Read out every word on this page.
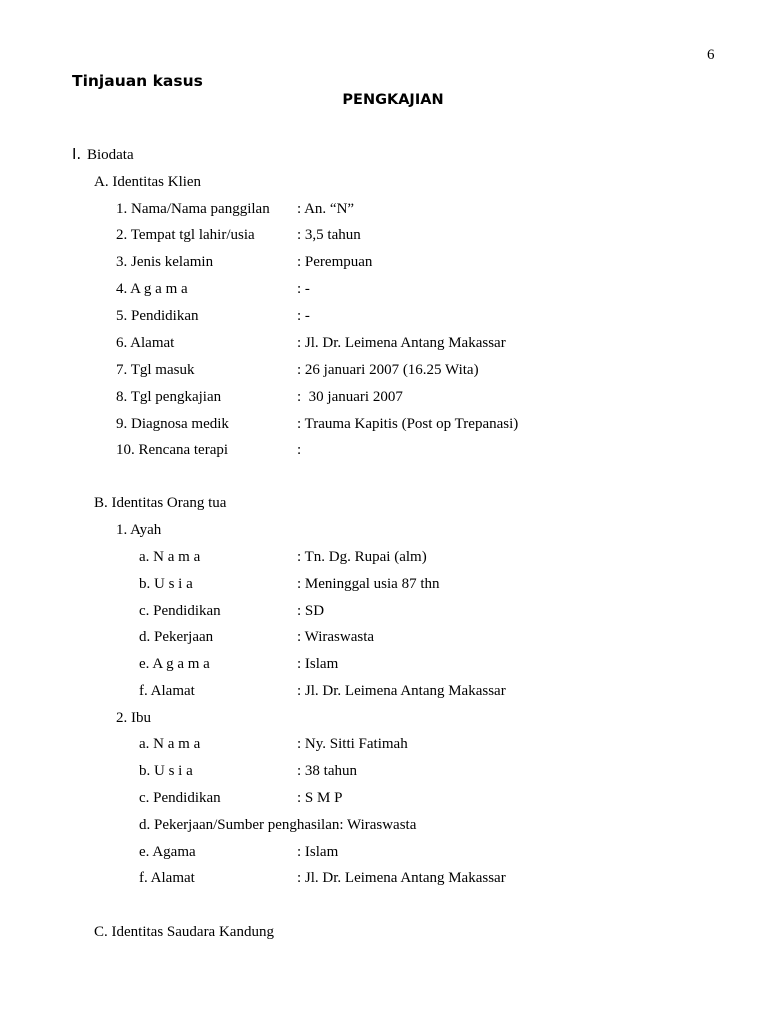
6
Tinjauan kasus
PENGKAJIAN
I. Biodata
A. Identitas Klien
1. Nama/Nama panggilan : An. “N”
2. Tempat tgl lahir/usia	: 3,5 tahun
3. Jenis kelamin	: Perempuan
4. A g a m a	: -
5. Pendidikan	: -
6. Alamat	: Jl. Dr. Leimena Antang Makassar
7. Tgl masuk	: 26 januari 2007 (16.25 Wita)
8. Tgl pengkajian	:  30 januari 2007
9. Diagnosa medik	: Trauma Kapitis (Post op Trepanasi)
10. Rencana terapi	:
B. Identitas Orang tua
1. Ayah
a. N a m a	: Tn. Dg. Rupai (alm)
b. U s i a	: Meninggal usia 87 thn
c. Pendidikan	: SD
d. Pekerjaan	: Wiraswasta
e. A g a m a	: Islam
f. Alamat	: Jl. Dr. Leimena Antang Makassar
2. Ibu
a. N a m a	: Ny. Sitti Fatimah
b. U s i a	: 38 tahun
c. Pendidikan	: S M P
d. Pekerjaan/Sumber penghasilan: Wiraswasta
e. Agama	: Islam
f. Alamat	: Jl. Dr. Leimena Antang Makassar
C. Identitas Saudara Kandung
